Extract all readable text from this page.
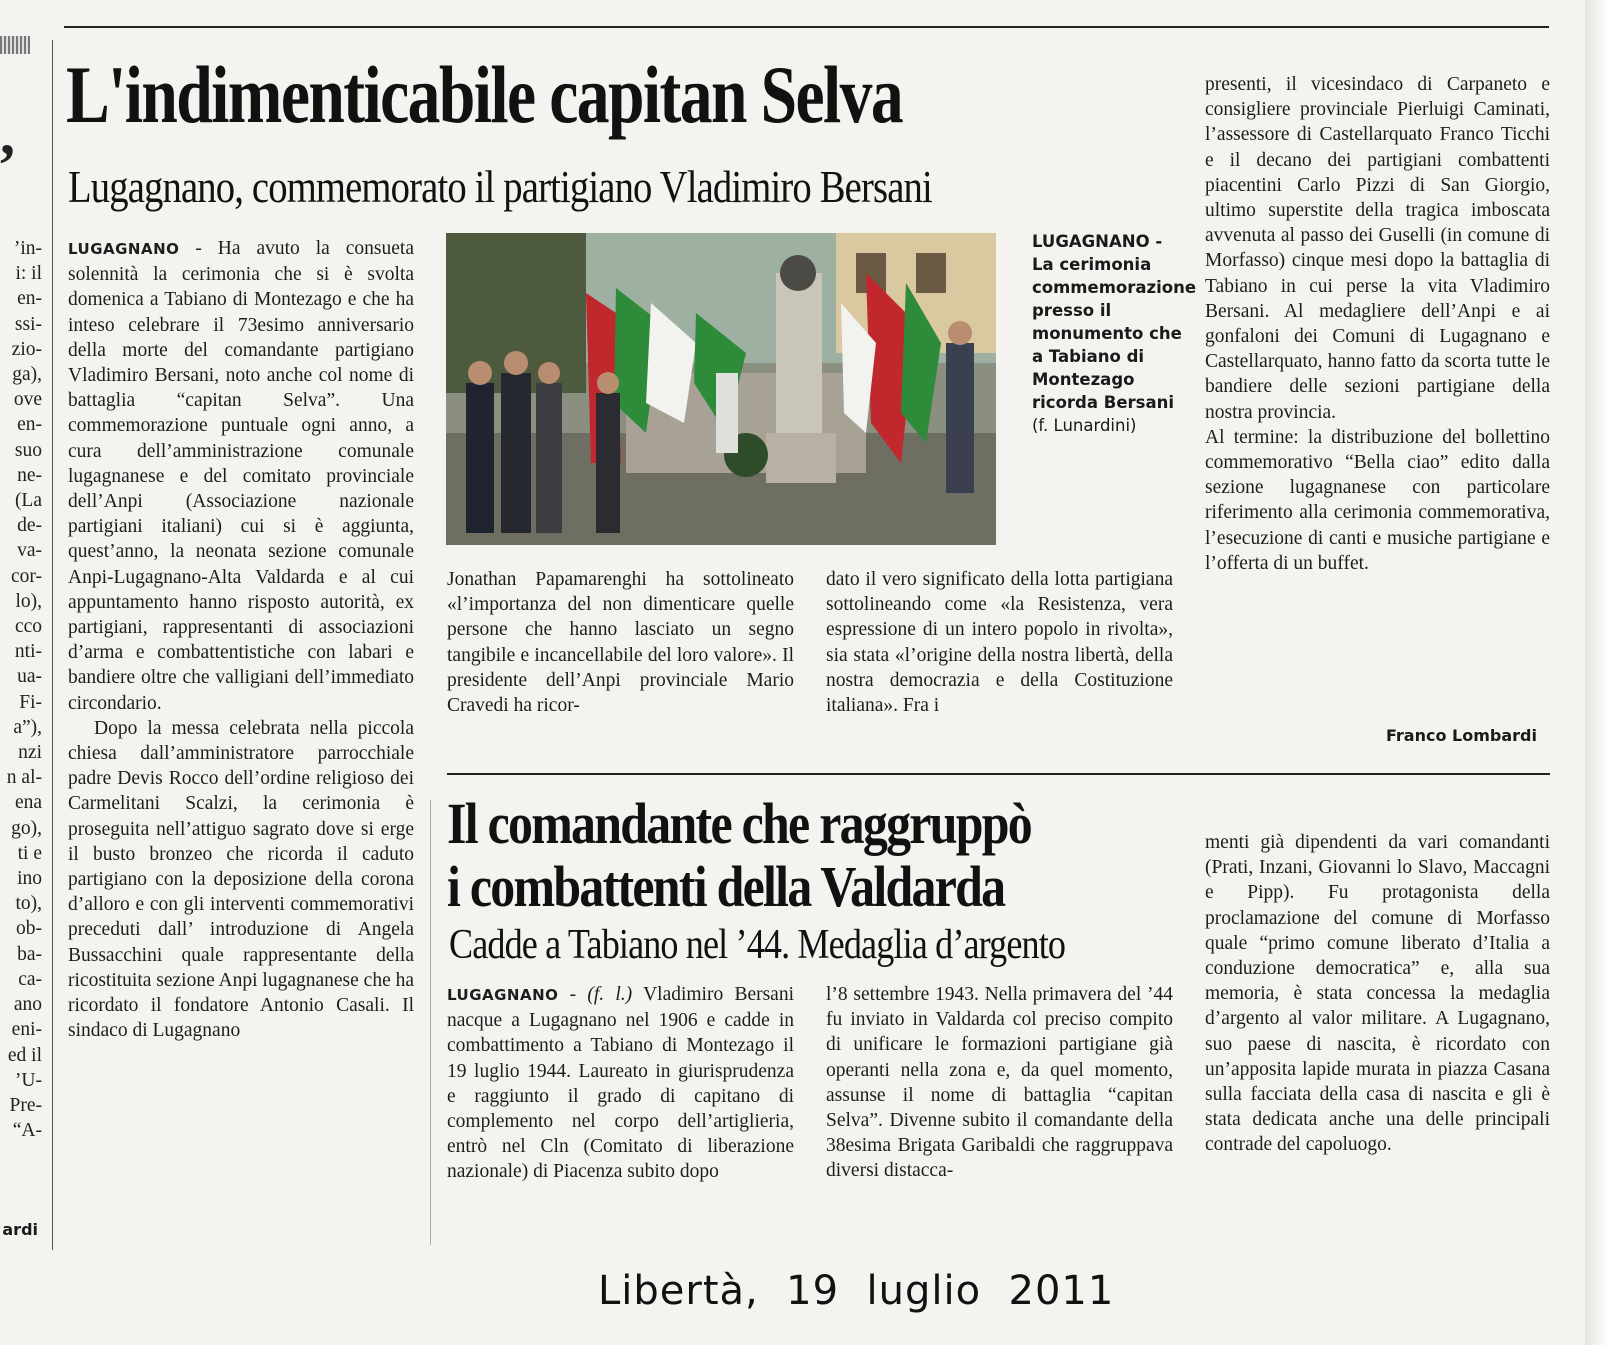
,
’in-
i: il
en-
ssi-
zio-
ga),
ove
en-
suo
ne-
(La
de-
va-
cor-
lo),
cco
nti-
ua-
Fi-
a”),
nzi
n al-
ena
go),
ti e
ino
to),
ob-
ba-
ca-
ano
eni-
ed il
’U-
Pre-
“A-
ardi
L'indimenticabile capitan Selva
Lugagnano, commemorato il partigiano Vladimiro Bersani

LUGAGNANO - Ha avuto la consueta solennità la cerimonia che si è svolta domenica a Tabiano di Montezago e che ha inteso celebrare il 73esimo anniversario della morte del comandante partigiano Vladimiro Bersani, noto anche col nome di battaglia “capitan Selva”. Una commemorazione puntuale ogni anno, a cura dell’amministrazione comunale lugagnanese e del comitato provinciale dell’Anpi (Associazione nazionale partigiani italiani) cui si è aggiunta, quest’anno, la neonata sezione comunale Anpi-Lugagnano-Alta Valdarda e al cui appuntamento hanno risposto autorità, ex partigiani, rappresentanti di associazioni d’arma e combattentistiche con labari e bandiere oltre che valligiani dell’immediato circondario.

Dopo la messa celebrata nella piccola chiesa dall’amministratore parrocchiale padre Devis Rocco dell’ordine religioso dei Carmelitani Scalzi, la cerimonia è proseguita nell’attiguo sagrato dove si erge il busto bronzeo che ricorda il caduto partigiano con la deposizione della corona d’alloro e con gli interventi commemorativi preceduti dall’ introduzione di Angela Bussacchini quale rappresentante della ricostituita sezione Anpi lugagnanese che ha ricordato il fondatore Antonio Casali. Il sindaco di Lugagnano

LUGAGNANO -
La cerimonia commemorazione presso il monumento che a Tabiano di Montezago ricorda Bersani
(f. Lunardini)
Jonathan Papamarenghi ha sottolineato «l’importanza del non dimenticare quelle persone che hanno lasciato un segno tangibile e incancellabile del loro valore». Il presidente dell’Anpi provinciale Mario Cravedi ha ricor-
dato il vero significato della lotta partigiana sottolineando come «la Resistenza, vera espressione di un intero popolo in rivolta», sia stata «l’origine della nostra libertà, della nostra democrazia e della Costituzione italiana». Fra i

presenti, il vicesindaco di Carpaneto e consigliere provinciale Pierluigi Caminati, l’assessore di Castellarquato Franco Ticchi e il decano dei partigiani combattenti piacentini Carlo Pizzi di San Giorgio, ultimo superstite della tragica imboscata avvenuta al passo dei Guselli (in comune di Morfasso) cinque mesi dopo la battaglia di Tabiano in cui perse la vita Vladimiro Bersani. Al medagliere dell’Anpi e ai gonfaloni dei Comuni di Lugagnano e Castellarquato, hanno fatto da scorta tutte le bandiere delle sezioni partigiane della nostra provincia.

Al termine: la distribuzione del bollettino commemorativo “Bella ciao” edito dalla sezione lugagnanese con particolare riferimento alla cerimonia commemorativa, l’esecuzione di canti e musiche partigiane e l’offerta di un buffet.

Franco Lombardi
Il comandante che raggruppò
i combattenti della Valdarda
Cadde a Tabiano nel ’44. Medaglia d’argento

LUGAGNANO - (f. l.) Vladimiro Bersani nacque a Lugagnano nel 1906 e cadde in combattimento a Tabiano di Montezago il 19 luglio 1944. Laureato in giurisprudenza e raggiunto il grado di capitano di complemento nel corpo dell’artiglieria, entrò nel Cln (Comitato di liberazione nazionale) di Piacenza subito dopo

l’8 settembre 1943. Nella primavera del ’44 fu inviato in Valdarda col preciso compito di unificare le formazioni partigiane già operanti nella zona e, da quel momento, assunse il nome di battaglia “capitan Selva”. Divenne subito il comandante della 38esima Brigata Garibaldi che raggruppava diversi distacca-
menti già dipendenti da vari comandanti (Prati, Inzani, Giovanni lo Slavo, Maccagni e Pipp). Fu protagonista della proclamazione del comune di Morfasso quale “primo comune liberato d’Italia a conduzione democratica” e, alla sua memoria, è stata concessa la medaglia d’argento al valor militare. A Lugagnano, suo paese di nascita, è ricordato con un’apposita lapide murata in piazza Casana sulla facciata della casa di nascita e gli è stata dedicata anche una delle principali contrade del capoluogo.
Libertà,  19  luglio  2011
